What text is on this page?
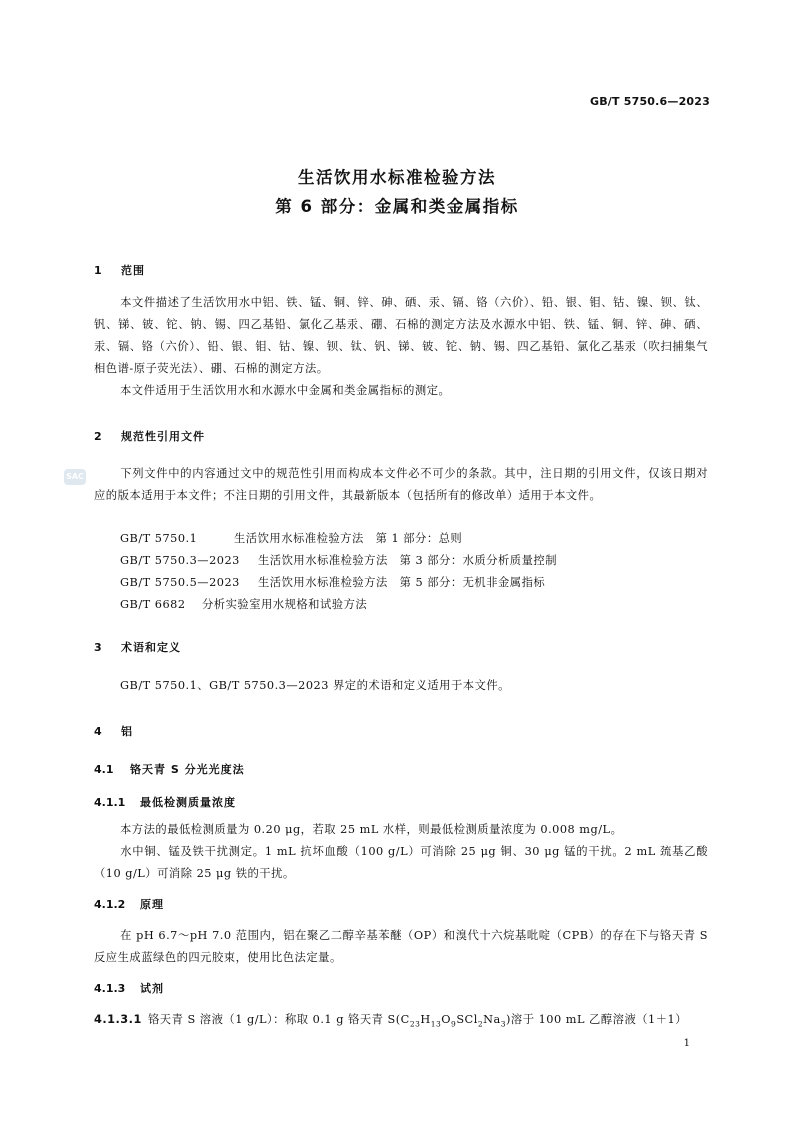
GB/T 5750.6—2023
生活饮用水标准检验方法
第 6 部分：金属和类金属指标
SAC
1 范围
本文件描述了生活饮用水中铝、铁、锰、铜、锌、砷、硒、汞、镉、铬（六价）、铅、银、钼、钴、镍、钡、钛、钒、锑、铍、铊、钠、锡、四乙基铅、氯化乙基汞、硼、石棉的测定方法及水源水中铝、铁、锰、铜、锌、砷、硒、汞、镉、铬（六价）、铅、银、钼、钴、镍、钡、钛、钒、锑、铍、铊、钠、锡、四乙基铅、氯化乙基汞（吹扫捕集气相色谱-原子荧光法）、硼、石棉的测定方法。
本文件适用于生活饮用水和水源水中金属和类金属指标的测定。
2 规范性引用文件
下列文件中的内容通过文中的规范性引用而构成本文件必不可少的条款。其中，注日期的引用文件，仅该日期对应的版本适用于本文件；不注日期的引用文件，其最新版本（包括所有的修改单）适用于本文件。
GB/T 5750.1	生活饮用水标准检验方法　第 1 部分：总则
GB/T 5750.3—2023 生活饮用水标准检验方法　第 3 部分：水质分析质量控制
GB/T 5750.5—2023 生活饮用水标准检验方法　第 5 部分：无机非金属指标
GB/T 6682 分析实验室用水规格和试验方法
3 术语和定义
GB/T 5750.1、GB/T 5750.3—2023 界定的术语和定义适用于本文件。
4 铝
4.1 铬天青 S 分光光度法
4.1.1 最低检测质量浓度
本方法的最低检测质量为 0.20 μg，若取 25 mL 水样，则最低检测质量浓度为 0.008 mg/L。
水中铜、锰及铁干扰测定。1 mL 抗坏血酸（100 g/L）可消除 25 μg 铜、30 μg 锰的干扰。2 mL 巯基乙酸（10 g/L）可消除 25 μg 铁的干扰。
4.1.2 原理
在 pH 6.7～pH 7.0 范围内，铝在聚乙二醇辛基苯醚（OP）和溴代十六烷基吡啶（CPB）的存在下与铬天青 S 反应生成蓝绿色的四元胶束，使用比色法定量。
4.1.3 试剂
4.1.3.1 铬天青 S 溶液（1 g/L）：称取 0.1 g 铬天青 $S(C_{23}H_{13}O_9SCl_2Na_3)$溶于 100 mL 乙醇溶液（1＋1）
1
